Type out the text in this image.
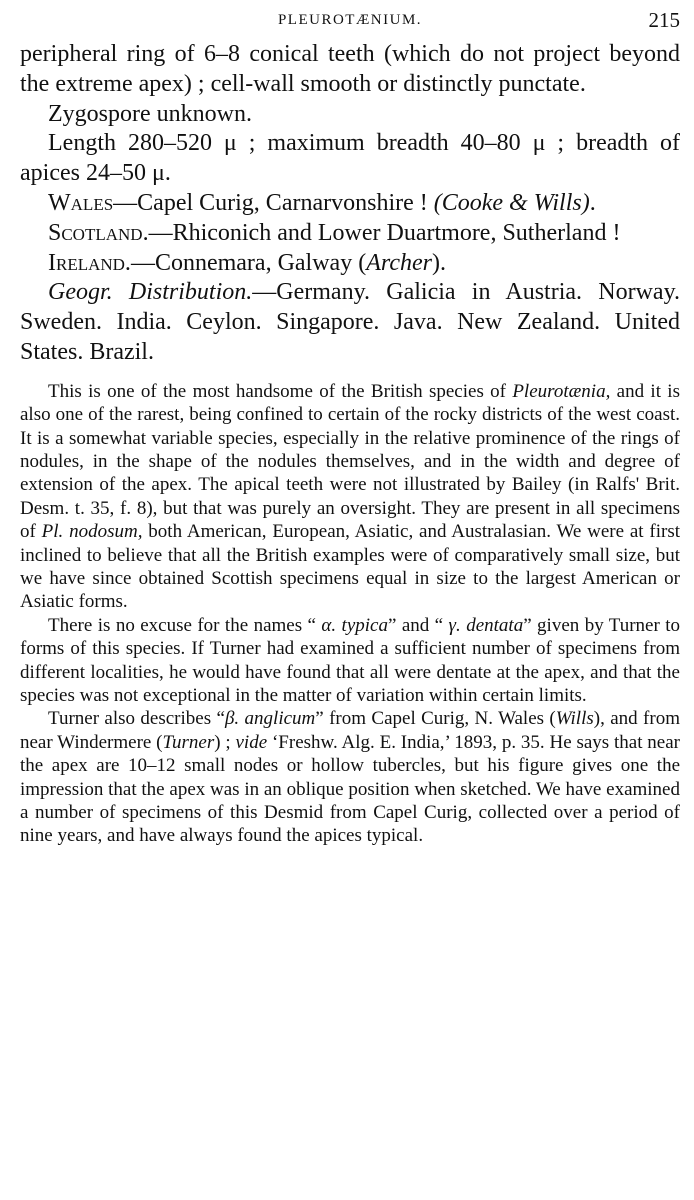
PLEUROTÆNIUM.	215

peripheral ring of 6–8 conical teeth (which do not project beyond the extreme apex) ; cell-wall smooth or distinctly punctate.

Zygospore unknown.

Length 280–520 μ ; maximum breadth 40–80 μ ; breadth of apices 24–50 μ.

Wales—Capel Curig, Carnarvonshire ! (Cooke & Wills).

Scotland.—Rhiconich and Lower Duartmore, Sutherland !

Ireland.—Connemara, Galway (Archer).

Geogr. Distribution.—Germany. Galicia in Austria. Norway. Sweden. India. Ceylon. Singapore. Java. New Zealand. United States. Brazil.

This is one of the most handsome of the British species of Pleurotænia, and it is also one of the rarest, being confined to certain of the rocky districts of the west coast. It is a somewhat variable species, especially in the relative prominence of the rings of nodules, in the shape of the nodules themselves, and in the width and degree of extension of the apex. The apical teeth were not illustrated by Bailey (in Ralfs' Brit. Desm. t. 35, f. 8), but that was purely an oversight. They are present in all specimens of Pl. nodosum, both American, European, Asiatic, and Australasian. We were at first inclined to believe that all the British examples were of comparatively small size, but we have since obtained Scottish specimens equal in size to the largest American or Asiatic forms.

There is no excuse for the names “ α. typica” and “ γ. dentata” given by Turner to forms of this species. If Turner had examined a sufficient number of specimens from different localities, he would have found that all were dentate at the apex, and that the species was not exceptional in the matter of variation within certain limits.

Turner also describes “β. anglicum” from Capel Curig, N. Wales (Wills), and from near Windermere (Turner) ; vide ‘Freshw. Alg. E. India,’ 1893, p. 35. He says that near the apex are 10–12 small nodes or hollow tubercles, but his figure gives one the impression that the apex was in an oblique position when sketched. We have examined a number of specimens of this Desmid from Capel Curig, collected over a period of nine years, and have always found the apices typical.
